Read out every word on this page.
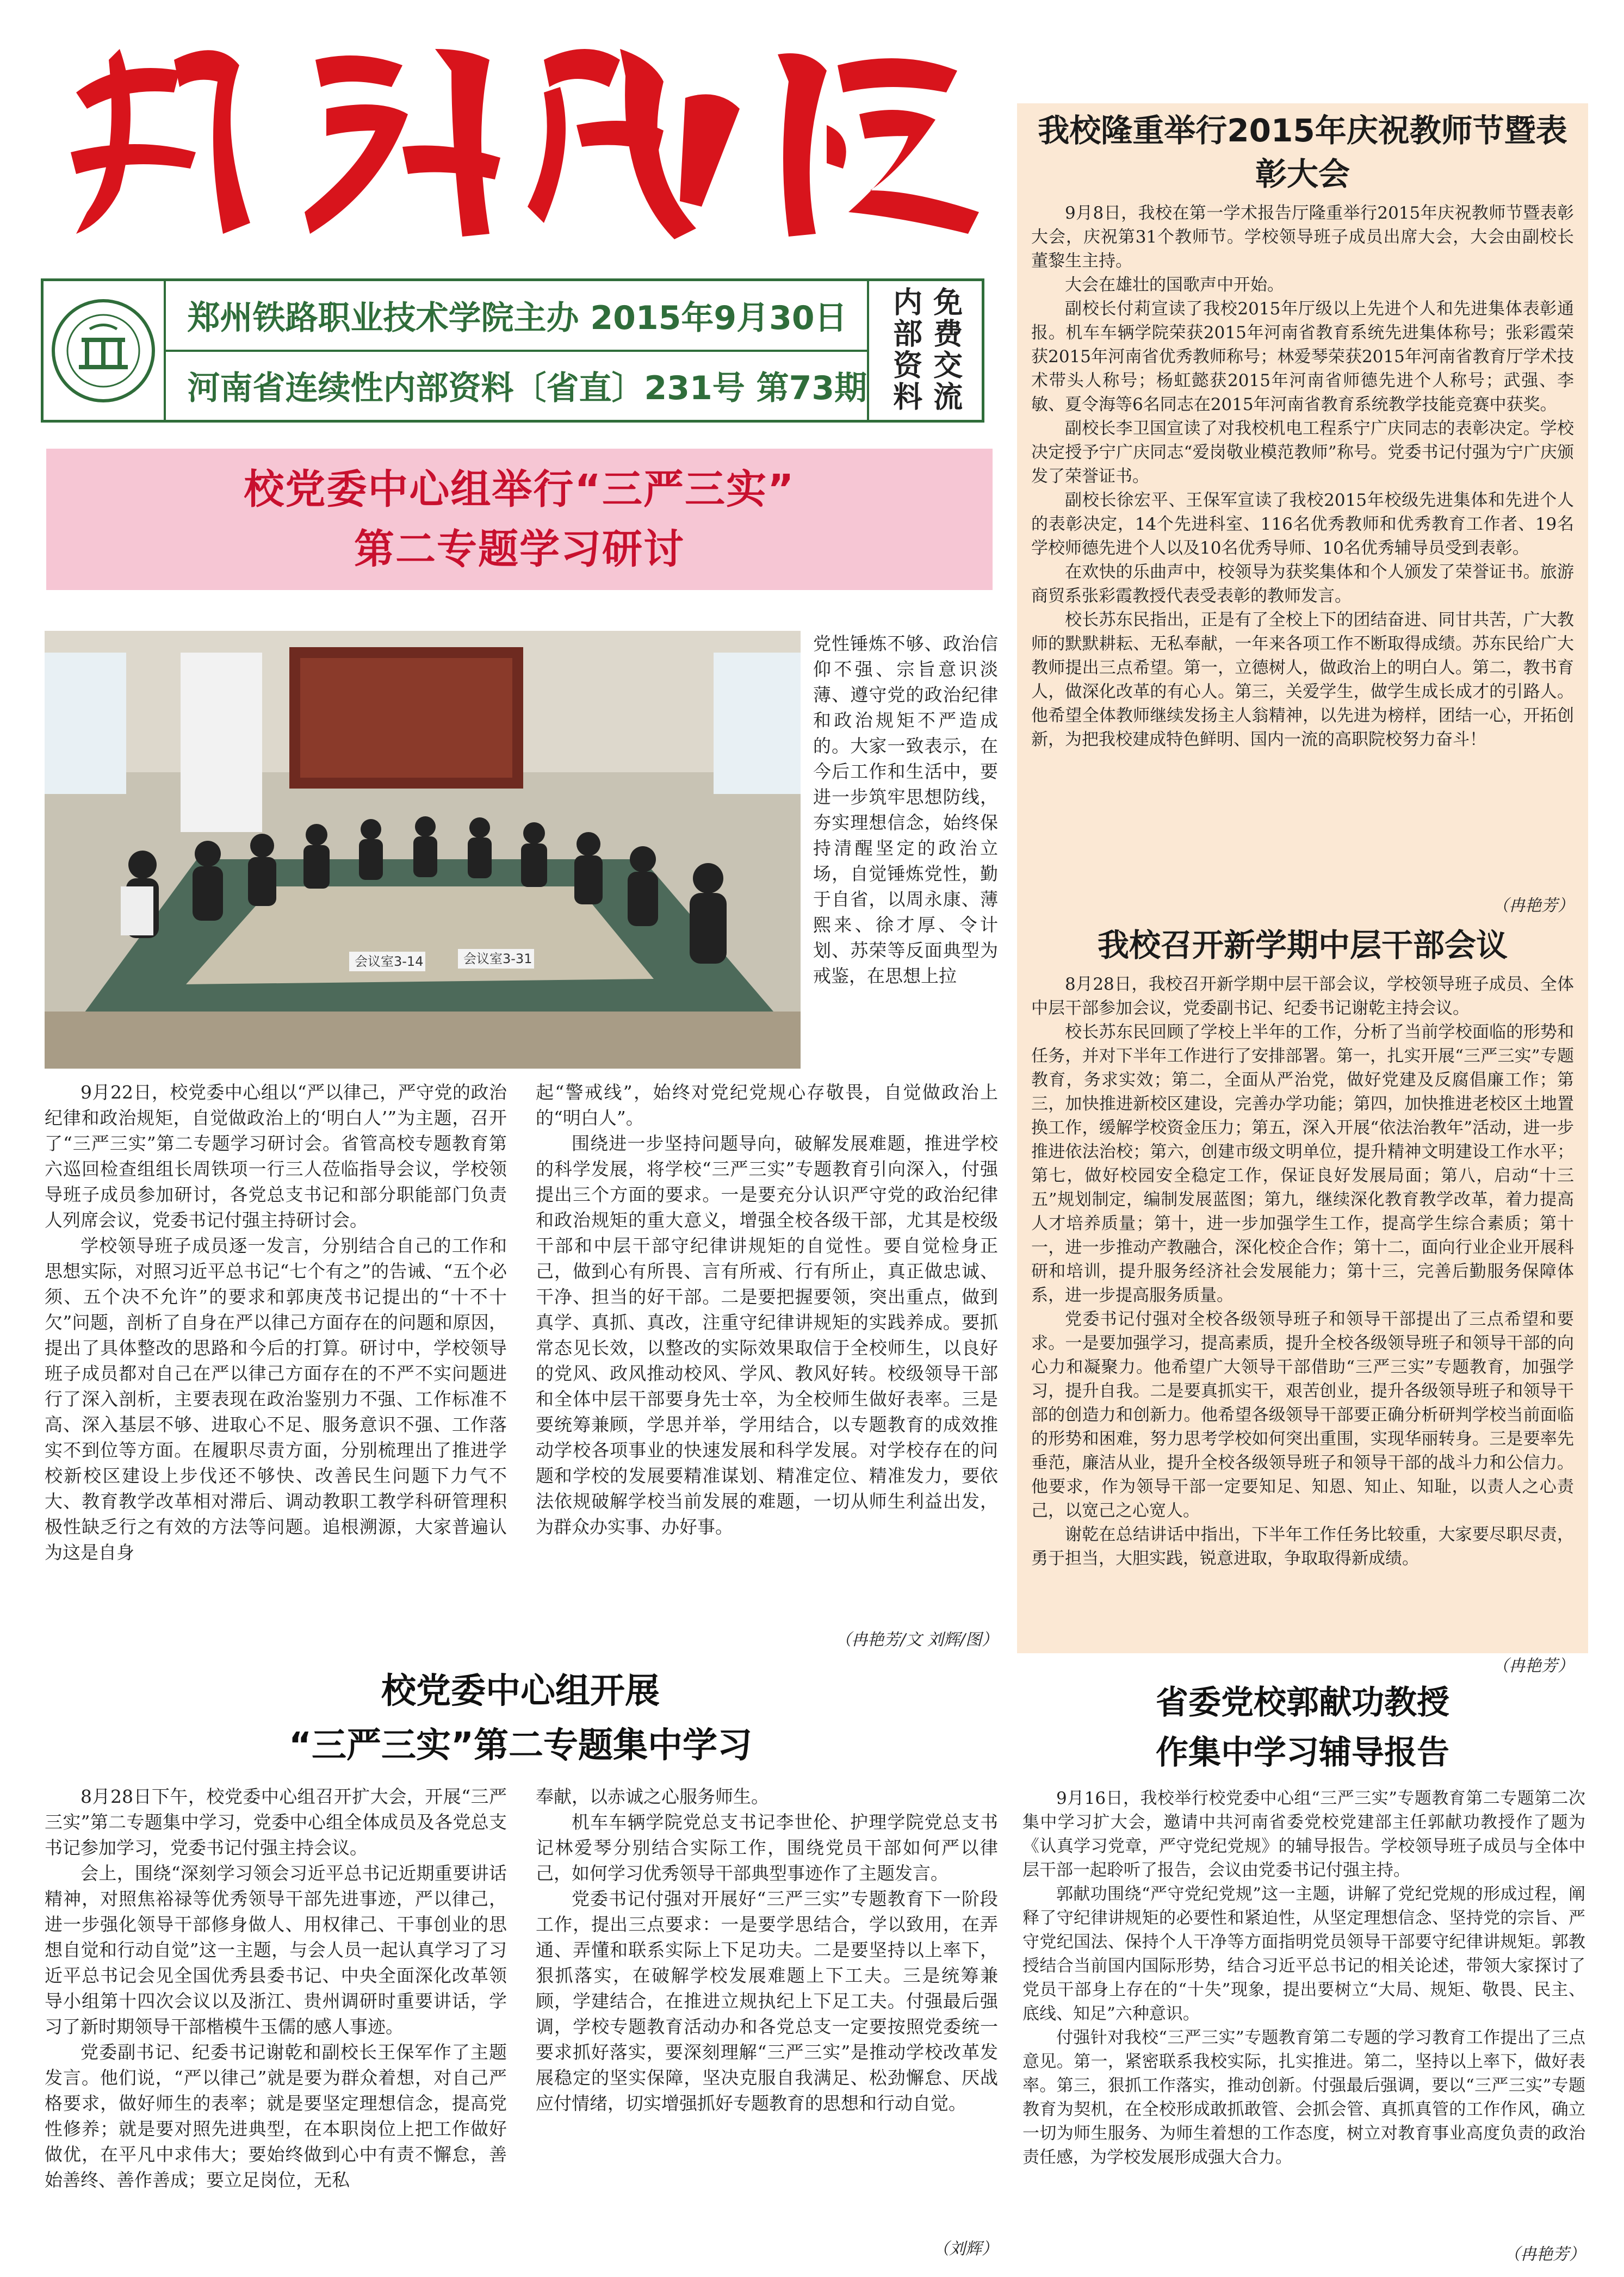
郑州铁路职业技术学院主办 2015年9月30日
河南省连续性内部资料〔省直〕231号 第73期 内部资料 免费交流
校党委中心组举行“三严三实”
第二专题学习研讨
会议室3-14	会议室3-31

党性锤炼不够、政治信仰不强、宗旨意识淡薄、遵守党的政治纪律和政治规矩不严造成的。大家一致表示，在今后工作和生活中，要进一步筑牢思想防线，夯实理想信念，始终保持清醒坚定的政治立场，自觉锤炼党性，勤于自省，以周永康、薄熙来、徐才厚、令计划、苏荣等反面典型为戒鉴，在思想上拉

9月22日，校党委中心组以“严以律己，严守党的政治纪律和政治规矩，自觉做政治上的‘明白人’”为主题，召开了“三严三实”第二专题学习研讨会。省管高校专题教育第六巡回检查组组长周铁项一行三人莅临指导会议，学校领导班子成员参加研讨，各党总支书记和部分职能部门负责人列席会议，党委书记付强主持研讨会。

学校领导班子成员逐一发言，分别结合自己的工作和思想实际，对照习近平总书记“七个有之”的告诫、“五个必须、五个决不允许”的要求和郭庚茂书记提出的“十不十欠”问题，剖析了自身在严以律己方面存在的问题和原因，提出了具体整改的思路和今后的打算。研讨中，学校领导班子成员都对自己在严以律己方面存在的不严不实问题进行了深入剖析，主要表现在政治鉴别力不强、工作标准不高、深入基层不够、进取心不足、服务意识不强、工作落实不到位等方面。在履职尽责方面，分别梳理出了推进学校新校区建设上步伐还不够快、改善民生问题下力气不大、教育教学改革相对滞后、调动教职工教学科研管理积极性缺乏行之有效的方法等问题。追根溯源，大家普遍认为这是自身

起“警戒线”，始终对党纪党规心存敬畏，自觉做政治上的“明白人”。

围绕进一步坚持问题导向，破解发展难题，推进学校的科学发展，将学校“三严三实”专题教育引向深入，付强提出三个方面的要求。一是要充分认识严守党的政治纪律和政治规矩的重大意义，增强全校各级干部，尤其是校级干部和中层干部守纪律讲规矩的自觉性。要自觉检身正己，做到心有所畏、言有所戒、行有所止，真正做忠诚、干净、担当的好干部。二是要把握要领，突出重点，做到真学、真抓、真改，注重守纪律讲规矩的实践养成。要抓常态见长效，以整改的实际效果取信于全校师生，以良好的党风、政风推动校风、学风、教风好转。校级领导干部和全体中层干部要身先士卒，为全校师生做好表率。三是要统筹兼顾，学思并举，学用结合，以专题教育的成效推动学校各项事业的快速发展和科学发展。对学校存在的问题和学校的发展要精准谋划、精准定位、精准发力，要依法依规破解学校当前发展的难题，一切从师生利益出发，为群众办实事、办好事。

（冉艳芳/文 刘辉/图）
我校隆重举行2015年庆祝教师节暨表彰大会

9月8日，我校在第一学术报告厅隆重举行2015年庆祝教师节暨表彰大会，庆祝第31个教师节。学校领导班子成员出席大会，大会由副校长董黎生主持。

大会在雄壮的国歌声中开始。

副校长付莉宣读了我校2015年厅级以上先进个人和先进集体表彰通报。机车车辆学院荣获2015年河南省教育系统先进集体称号；张彩霞荣获2015年河南省优秀教师称号；林爱琴荣获2015年河南省教育厅学术技术带头人称号；杨虹懿获2015年河南省师德先进个人称号；武强、李敏、夏令海等6名同志在2015年河南省教育系统教学技能竞赛中获奖。

副校长李卫国宣读了对我校机电工程系宁广庆同志的表彰决定。学校决定授予宁广庆同志“爱岗敬业模范教师”称号。党委书记付强为宁广庆颁发了荣誉证书。

副校长徐宏平、王保军宣读了我校2015年校级先进集体和先进个人的表彰决定，14个先进科室、116名优秀教师和优秀教育工作者、19名学校师德先进个人以及10名优秀导师、10名优秀辅导员受到表彰。

在欢快的乐曲声中，校领导为获奖集体和个人颁发了荣誉证书。旅游商贸系张彩霞教授代表受表彰的教师发言。

校长苏东民指出，正是有了全校上下的团结奋进、同甘共苦，广大教师的默默耕耘、无私奉献，一年来各项工作不断取得成绩。苏东民给广大教师提出三点希望。第一，立德树人，做政治上的明白人。第二，教书育人，做深化改革的有心人。第三，关爱学生，做学生成长成才的引路人。他希望全体教师继续发扬主人翁精神，以先进为榜样，团结一心，开拓创新，为把我校建成特色鲜明、国内一流的高职院校努力奋斗！

（冉艳芳）
我校召开新学期中层干部会议

8月28日，我校召开新学期中层干部会议，学校领导班子成员、全体中层干部参加会议，党委副书记、纪委书记谢乾主持会议。

校长苏东民回顾了学校上半年的工作，分析了当前学校面临的形势和任务，并对下半年工作进行了安排部署。第一，扎实开展“三严三实”专题教育，务求实效；第二，全面从严治党，做好党建及反腐倡廉工作；第三，加快推进新校区建设，完善办学功能；第四，加快推进老校区土地置换工作，缓解学校资金压力；第五，深入开展“依法治教年”活动，进一步推进依法治校；第六，创建市级文明单位，提升精神文明建设工作水平；第七，做好校园安全稳定工作，保证良好发展局面；第八，启动“十三五”规划制定，编制发展蓝图；第九，继续深化教育教学改革，着力提高人才培养质量；第十，进一步加强学生工作，提高学生综合素质；第十一，进一步推动产教融合，深化校企合作；第十二，面向行业企业开展科研和培训，提升服务经济社会发展能力；第十三，完善后勤服务保障体系，进一步提高服务质量。

党委书记付强对全校各级领导班子和领导干部提出了三点希望和要求。一是要加强学习，提高素质，提升全校各级领导班子和领导干部的向心力和凝聚力。他希望广大领导干部借助“三严三实”专题教育，加强学习，提升自我。二是要真抓实干，艰苦创业，提升各级领导班子和领导干部的创造力和创新力。他希望各级领导干部要正确分析研判学校当前面临的形势和困难，努力思考学校如何突出重围，实现华丽转身。三是要率先垂范，廉洁从业，提升全校各级领导班子和领导干部的战斗力和公信力。他要求，作为领导干部一定要知足、知恩、知止、知耻，以责人之心责己，以宽己之心宽人。

谢乾在总结讲话中指出，下半年工作任务比较重，大家要尽职尽责，勇于担当，大胆实践，锐意进取，争取取得新成绩。

（冉艳芳）
校党委中心组开展
“三严三实”第二专题集中学习

8月28日下午，校党委中心组召开扩大会，开展“三严三实”第二专题集中学习，党委中心组全体成员及各党总支书记参加学习，党委书记付强主持会议。

会上，围绕“深刻学习领会习近平总书记近期重要讲话精神，对照焦裕禄等优秀领导干部先进事迹，严以律己，进一步强化领导干部修身做人、用权律己、干事创业的思想自觉和行动自觉”这一主题，与会人员一起认真学习了习近平总书记会见全国优秀县委书记、中央全面深化改革领导小组第十四次会议以及浙江、贵州调研时重要讲话，学习了新时期领导干部楷模牛玉儒的感人事迹。

党委副书记、纪委书记谢乾和副校长王保军作了主题发言。他们说，“严以律己”就是要为群众着想，对自己严格要求，做好师生的表率；就是要坚定理想信念，提高党性修养；就是要对照先进典型，在本职岗位上把工作做好做优，在平凡中求伟大；要始终做到心中有责不懈怠，善始善终、善作善成；要立足岗位，无私

奉献，以赤诚之心服务师生。

机车车辆学院党总支书记李世伦、护理学院党总支书记林爱琴分别结合实际工作，围绕党员干部如何严以律己，如何学习优秀领导干部典型事迹作了主题发言。

党委书记付强对开展好“三严三实”专题教育下一阶段工作，提出三点要求：一是要学思结合，学以致用，在弄通、弄懂和联系实际上下足功夫。二是要坚持以上率下，狠抓落实，在破解学校发展难题上下工夫。三是统筹兼顾，学建结合，在推进立规执纪上下足工夫。付强最后强调，学校专题教育活动办和各党总支一定要按照党委统一要求抓好落实，要深刻理解“三严三实”是推动学校改革发展稳定的坚实保障，坚决克服自我满足、松劲懈怠、厌战应付情绪，切实增强抓好专题教育的思想和行动自觉。

（刘辉）
省委党校郭献功教授
作集中学习辅导报告

9月16日，我校举行校党委中心组“三严三实”专题教育第二专题第二次集中学习扩大会，邀请中共河南省委党校党建部主任郭献功教授作了题为《认真学习党章，严守党纪党规》的辅导报告。学校领导班子成员与全体中层干部一起聆听了报告，会议由党委书记付强主持。

郭献功围绕“严守党纪党规”这一主题，讲解了党纪党规的形成过程，阐释了守纪律讲规矩的必要性和紧迫性，从坚定理想信念、坚持党的宗旨、严守党纪国法、保持个人干净等方面指明党员领导干部要守纪律讲规矩。郭教授结合当前国内国际形势，结合习近平总书记的相关论述，带领大家探讨了党员干部身上存在的“十失”现象，提出要树立“大局、规矩、敬畏、民主、底线、知足”六种意识。

付强针对我校“三严三实”专题教育第二专题的学习教育工作提出了三点意见。第一，紧密联系我校实际，扎实推进。第二，坚持以上率下，做好表率。第三，狠抓工作落实，推动创新。付强最后强调，要以“三严三实”专题教育为契机，在全校形成敢抓敢管、会抓会管、真抓真管的工作作风，确立一切为师生服务、为师生着想的工作态度，树立对教育事业高度负责的政治责任感，为学校发展形成强大合力。

（冉艳芳）
